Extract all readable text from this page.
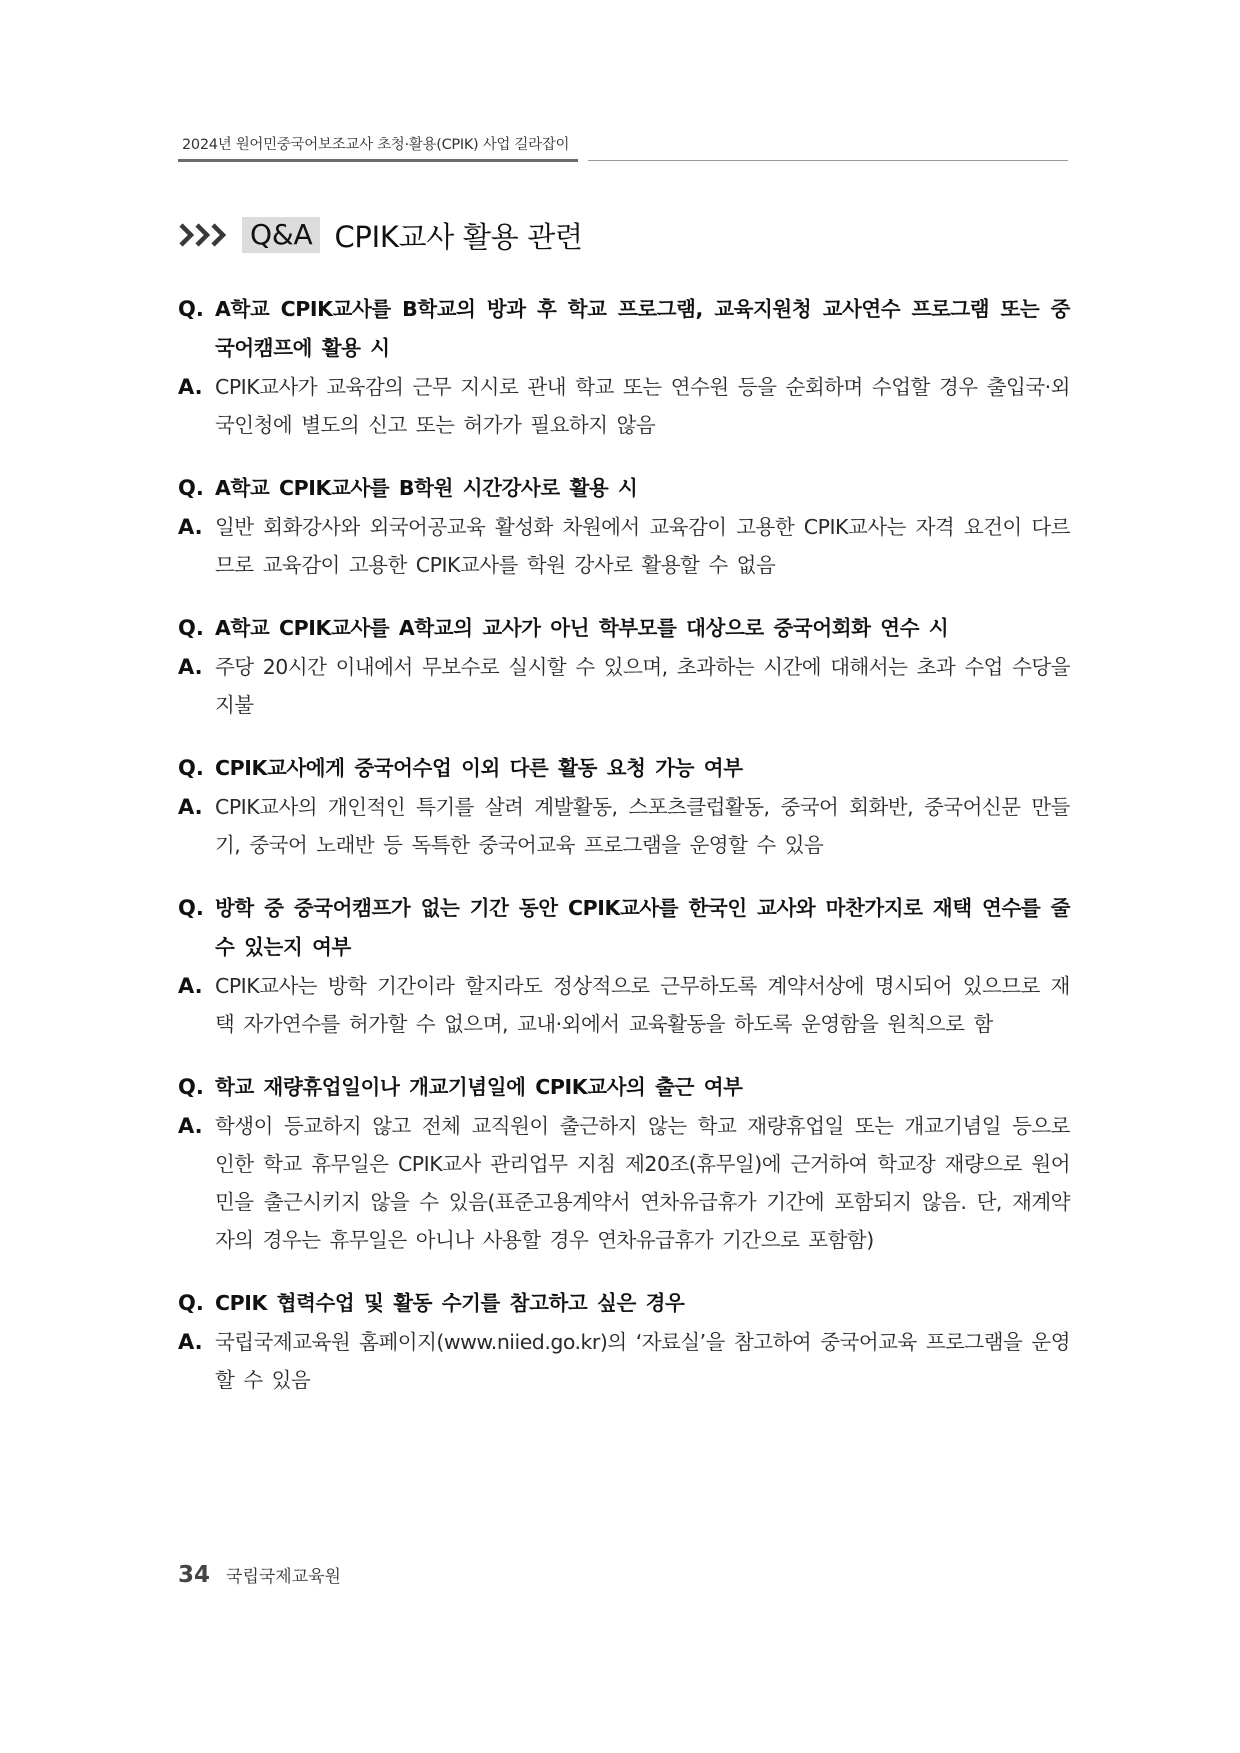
2024년 원어민중국어보조교사 초청·활용(CPIK) 사업 길라잡이
Q&A CPIK교사 활용 관련
Q. A학교 CPIK교사를 B학교의 방과 후 학교 프로그램, 교육지원청 교사연수 프로그램 또는 중국어캠프에 활용 시
A. CPIK교사가 교육감의 근무 지시로 관내 학교 또는 연수원 등을 순회하며 수업할 경우 출입국·외국인청에 별도의 신고 또는 허가가 필요하지 않음
Q. A학교 CPIK교사를 B학원 시간강사로 활용 시
A. 일반 회화강사와 외국어공교육 활성화 차원에서 교육감이 고용한 CPIK교사는 자격 요건이 다르므로 교육감이 고용한 CPIK교사를 학원 강사로 활용할 수 없음
Q. A학교 CPIK교사를 A학교의 교사가 아닌 학부모를 대상으로 중국어회화 연수 시
A. 주당 20시간 이내에서 무보수로 실시할 수 있으며, 초과하는 시간에 대해서는 초과 수업 수당을 지불
Q. CPIK교사에게 중국어수업 이외 다른 활동 요청 가능 여부
A. CPIK교사의 개인적인 특기를 살려 계발활동, 스포츠클럽활동, 중국어 회화반, 중국어신문 만들기, 중국어 노래반 등 독특한 중국어교육 프로그램을 운영할 수 있음
Q. 방학 중 중국어캠프가 없는 기간 동안 CPIK교사를 한국인 교사와 마찬가지로 재택 연수를 줄 수 있는지 여부
A. CPIK교사는 방학 기간이라 할지라도 정상적으로 근무하도록 계약서상에 명시되어 있으므로 재택 자가연수를 허가할 수 없으며, 교내·외에서 교육활동을 하도록 운영함을 원칙으로 함
Q. 학교 재량휴업일이나 개교기념일에 CPIK교사의 출근 여부
A. 학생이 등교하지 않고 전체 교직원이 출근하지 않는 학교 재량휴업일 또는 개교기념일 등으로 인한 학교 휴무일은 CPIK교사 관리업무 지침 제20조(휴무일)에 근거하여 학교장 재량으로 원어민을 출근시키지 않을 수 있음(표준고용계약서 연차유급휴가 기간에 포함되지 않음. 단, 재계약자의 경우는 휴무일은 아니나 사용할 경우 연차유급휴가 기간으로 포함함)
Q. CPIK 협력수업 및 활동 수기를 참고하고 싶은 경우
A. 국립국제교육원 홈페이지(www.niied.go.kr)의 ‘자료실’을 참고하여 중국어교육 프로그램을 운영할 수 있음
34 국립국제교육원
